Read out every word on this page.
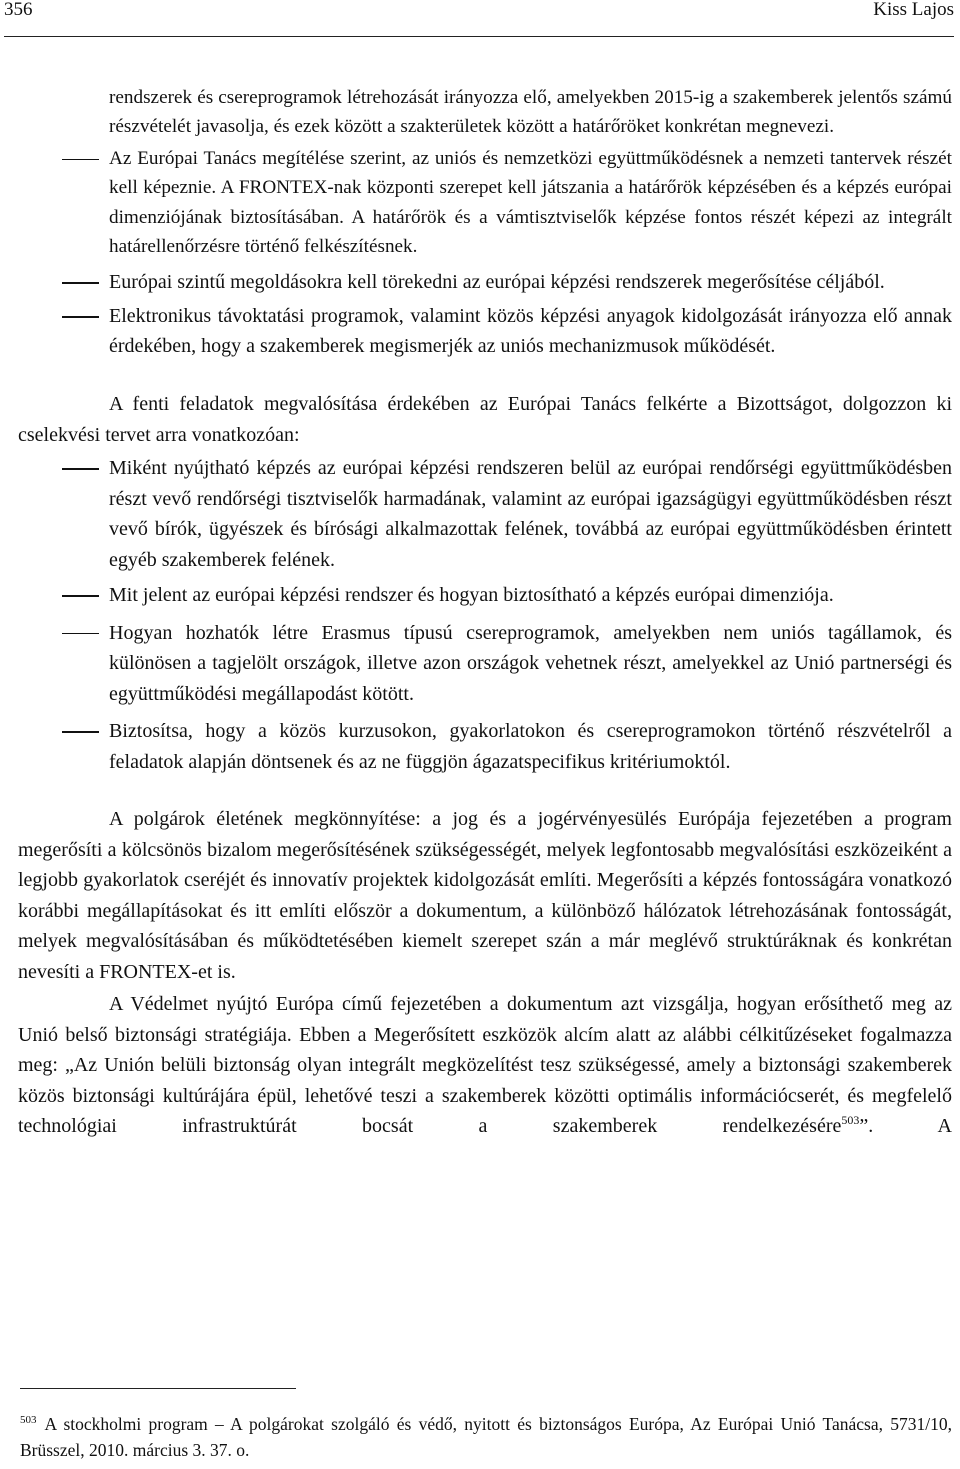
356	Kiss Lajos

rendszerek és csereprogramok létrehozását irányozza elő, amelyekben 2015-ig a szakemberek jelentős számú részvételét javasolja, és ezek között a szakterületek között a határőröket konkrétan megnevezi.

Az Európai Tanács megítélése szerint, az uniós és nemzetközi együttműködésnek a nemzeti tantervek részét kell képeznie. A FRONTEX-nak központi szerepet kell játszania a határőrök képzésében és a képzés európai dimenziójának biztosításában. A határőrök és a vámtisztviselők képzése fontos részét képezi az integrált határellenőrzésre történő felkészítésnek.

Európai szintű megoldásokra kell törekedni az európai képzési rendszerek megerősítése céljából.

Elektronikus távoktatási programok, valamint közös képzési anyagok kidolgozását irányozza elő annak érdekében, hogy a szakemberek megismerjék az uniós mechanizmusok működését.

A fenti feladatok megvalósítása érdekében az Európai Tanács felkérte a Bizottságot, dolgozzon ki cselekvési tervet arra vonatkozóan:

Miként nyújtható képzés az európai képzési rendszeren belül az európai rendőrségi együttműködésben részt vevő rendőrségi tisztviselők harmadának, valamint az európai igazságügyi együttműködésben részt vevő bírók, ügyészek és bírósági alkalmazottak felének, továbbá az európai együttműködésben érintett egyéb szakemberek felének.

Mit jelent az európai képzési rendszer és hogyan biztosítható a képzés európai dimenziója.

Hogyan hozhatók létre Erasmus típusú csereprogramok, amelyekben nem uniós tagállamok, és különösen a tagjelölt országok, illetve azon országok vehetnek részt, amelyekkel az Unió partnerségi és együttműködési megállapodást kötött.

Biztosítsa, hogy a közös kurzusokon, gyakorlatokon és csereprogramokon történő részvételről a feladatok alapján döntsenek és az ne függjön ágazatspecifikus kritériumoktól.

A polgárok életének megkönnyítése: a jog és a jogérvényesülés Európája fejezetében a program megerősíti a kölcsönös bizalom megerősítésének szükségességét, melyek legfontosabb megvalósítási eszközeiként a legjobb gyakorlatok cseréjét és innovatív projektek kidolgozását említi. Megerősíti a képzés fontosságára vonatkozó korábbi megállapításokat és itt említi először a dokumentum, a különböző hálózatok létrehozásának fontosságát, melyek megvalósításában és működtetésében kiemelt szerepet szán a már meglévő struktúráknak és konkrétan nevesíti a FRONTEX-et is.

A Védelmet nyújtó Európa című fejezetében a dokumentum azt vizsgálja, hogyan erősíthető meg az Unió belső biztonsági stratégiája. Ebben a Megerősített eszközök alcím alatt az alábbi célkitűzéseket fogalmazza meg: „Az Unión belüli biztonság olyan integrált megközelítést tesz szükségessé, amely a biztonsági szakemberek közös biztonsági kultúrájára épül, lehetővé teszi a szakemberek közötti optimális információcserét, és megfelelő technológiai infrastruktúrát bocsát a szakemberek rendelkezésére$^{503}$”. A

$^{503}$ A stockholmi program – A polgárokat szolgáló és védő, nyitott és biztonságos Európa, Az Európai Unió Tanácsa, 5731/10, Brüsszel, 2010. március 3. 37. o.
